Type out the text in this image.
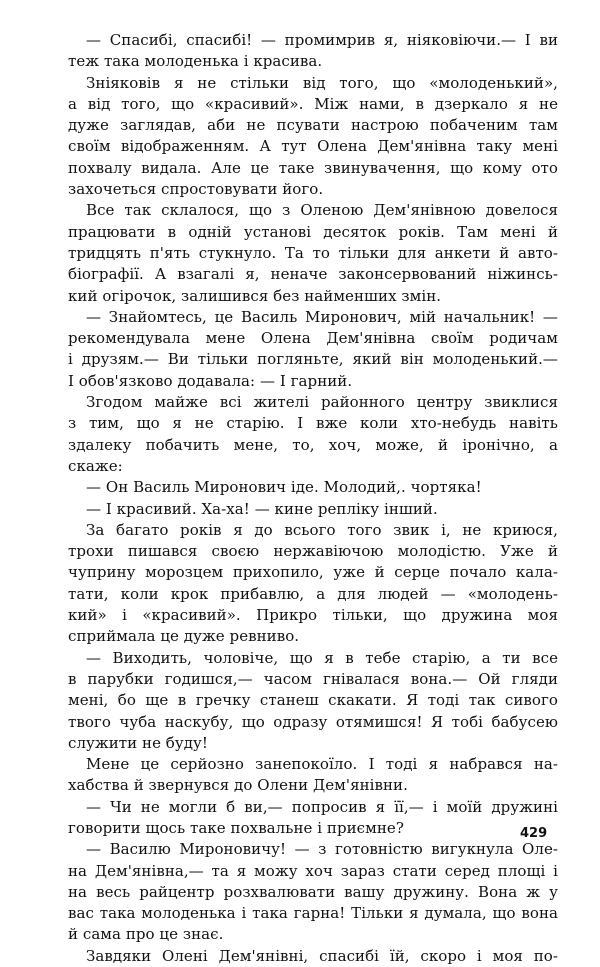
— Спасибі, спасибі! — промимрив я, ніяковіючи.— І ви
теж така молоденька і красива.
Зніяковів я не стільки від того, що «молоденький»,
а від того, що «красивий». Між нами, в дзеркало я не
дуже заглядав, аби не псувати настрою побаченим там
своїм відображенням. А тут Олена Дем'янівна таку мені
похвалу видала. Але це таке звинувачення, що кому ото
захочеться спростовувати його.
Все так склалося, що з Оленою Дем'янівною довелося
працювати в одній установі десяток років. Там мені й
тридцять п'ять стукнуло. Та то тільки для анкети й авто-
біографії. А взагалі я, неначе законсервований ніжинсь-
кий огірочок, залишився без найменших змін.
— Знайомтесь, це Василь Миронович, мій начальник! —
рекомендувала мене Олена Дем'янівна своїм родичам
і друзям.— Ви тільки погляньте, який він молоденький.—
І обов'язково додавала: — І гарний.
Згодом майже всі жителі районного центру звиклися
з тим, що я не старію. І вже коли хто-небудь навіть
здалеку побачить мене, то, хоч, може, й іронічно, а
скаже:
— Он Василь Миронович іде. Молодий,. чортяка!
— І красивий. Ха-ха! — кине репліку інший.
За багато років я до всього того звик і, не криюся,
трохи пишався своєю нержавіючою молодістю. Уже й
чуприну морозцем прихопило, уже й серце почало кала-
тати, коли крок прибавлю, а для людей — «молодень-
кий» і «красивий». Прикро тільки, що дружина моя
сприймала це дуже ревниво.
— Виходить, чоловіче, що я в тебе старію, а ти все
в парубки годишся,— часом гнівалася вона.— Ой гляди
мені, бо ще в гречку станеш скакати. Я тоді так сивого
твого чуба наскубу, що одразу отямишся! Я тобі бабусею
служити не буду!
Мене це серйозно занепокоїло. І тоді я набрався на-
хабства й звернувся до Олени Дем'янівни.
— Чи не могли б ви,— попросив я її,— і моїй дружині
говорити щось таке похвальне і приємне?
— Василю Мироновичу! — з готовністю вигукнула Оле-
на Дем'янівна,— та я можу хоч зараз стати серед площі і
на весь райцентр розхвалювати вашу дружину. Вона ж у
вас така молоденька і така гарна! Тільки я думала, що вона
й сама про це знає.
Завдяки Олені Дем'янівні, спасибі їй, скоро і моя по-
429
